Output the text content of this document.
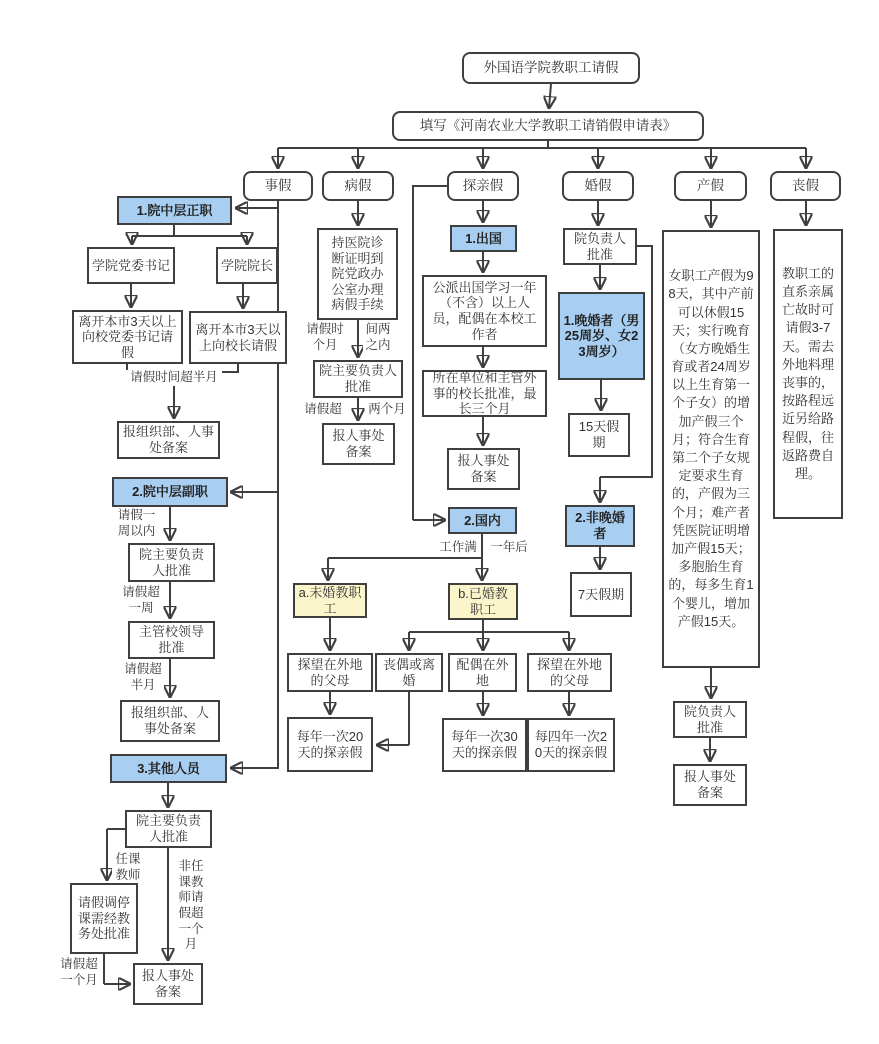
外国语学院教职工请假
填写《河南农业大学教职工请销假申请表》
事假	病假	探亲假	婚假	产假	丧假
1.院中层正职
学院党委书记	学院院长
离开本市3天以上向校党委书记请假
离开本市3天以上向校长请假
请假时间超半月
报组织部、人事处备案
2.院中层副职
请假一周以内
院主要负责人批准
请假超一周
主管校领导批准
请假超半月
报组织部、人事处备案
3.其他人员
院主要负责人批准
任课教师
非任课教师请假超一个月
请假调停课需经教务处批准
请假超一个月	报人事处备案
持医院诊断证明到院党政办公室办理病假手续
请假时个月
间两之内
院主要负责人批准
请假超 两个月
报人事处备案
1.出国
公派出国学习一年（不含）以上人员，配偶在本校工作者
所在单位和主管外事的校长批准，最长三个月
报人事处备案
2.国内
工作满 一年后
a.未婚教职工
b.已婚教职工
探望在外地的父母
丧偶或离婚
配偶在外地
探望在外地的父母
每年一次20天的探亲假
每年一次30天的探亲假
每四年一次20天的探亲假
院负责人批准
1.晚婚者（男25周岁、女23周岁）
15天假期
2.非晚婚者
7天假期
女职工产假为98天，其中产前可以休假15天；实行晚育（女方晚婚生育或者24周岁以上生育第一个子女）的增加产假三个月；符合生育第二个子女规定要求生育的，产假为三个月；难产者凭医院证明增加产假15天；多胞胎生育的，每多生育1 个婴儿，增加产假15天。
院负责人批准
报人事处备案
教职工的直系亲属亡故时可请假3-7天。需去外地料理丧事的，按路程远近另给路程假，往返路费自理。
